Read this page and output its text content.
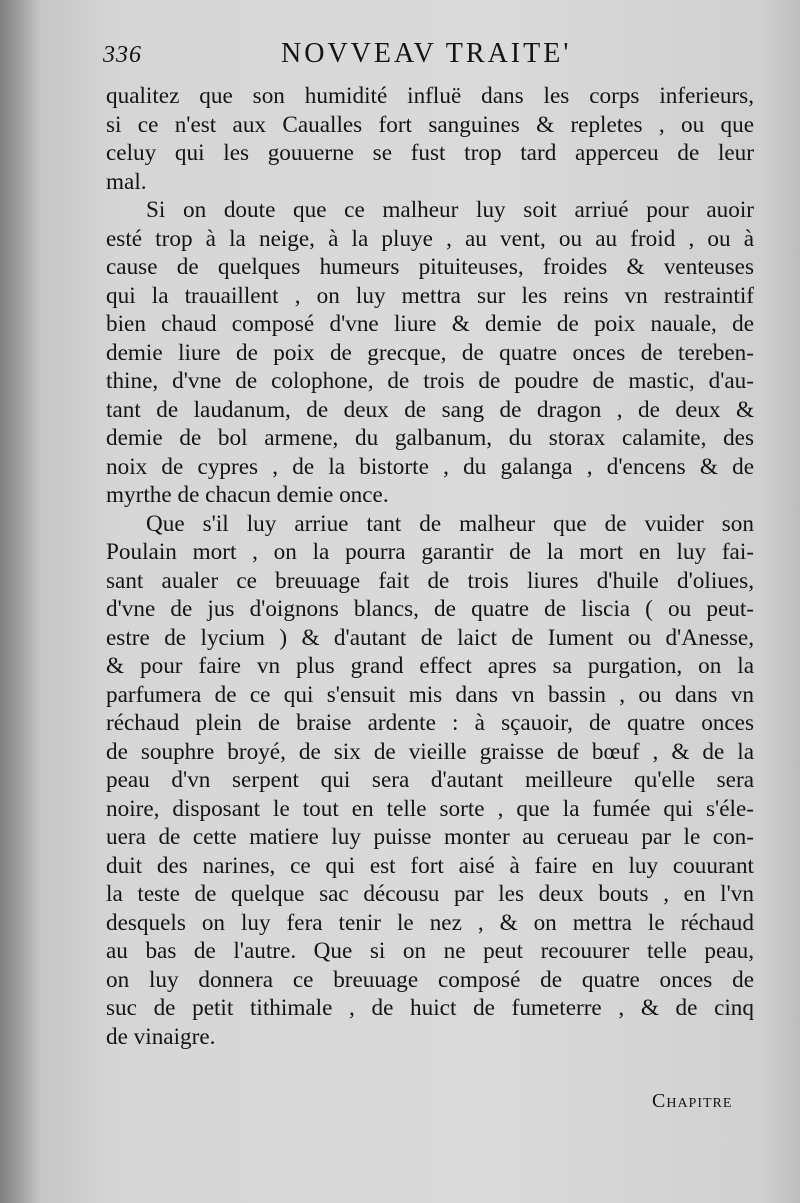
336	NOVVEAV TRAITE'
qualitez que son humidité influë dans les corps inferieurs,
si ce n'est aux Caualles fort sanguines & repletes , ou que
celuy qui les gouuerne se fust trop tard apperceu de leur
mal.
Si on doute que ce malheur luy soit arriué pour auoir
esté trop à la neige, à la pluye , au vent, ou au froid , ou à
cause de quelques humeurs pituiteuses, froides & venteuses
qui la trauaillent , on luy mettra sur les reins vn restraintif
bien chaud composé d'vne liure & demie de poix nauale, de
demie liure de poix de grecque, de quatre onces de tereben-
thine, d'vne de colophone, de trois de poudre de mastic, d'au-
tant de laudanum, de deux de sang de dragon , de deux &
demie de bol armene, du galbanum, du storax calamite, des
noix de cypres , de la bistorte , du galanga , d'encens & de
myrthe de chacun demie once.
Que s'il luy arriue tant de malheur que de vuider son
Poulain mort , on la pourra garantir de la mort en luy fai-
sant aualer ce breuuage fait de trois liures d'huile d'oliues,
d'vne de jus d'oignons blancs, de quatre de liscia ( ou peut-
estre de lycium ) & d'autant de laict de Iument ou d'Anesse,
& pour faire vn plus grand effect apres sa purgation, on la
parfumera de ce qui s'ensuit mis dans vn bassin , ou dans vn
réchaud plein de braise ardente : à sçauoir, de quatre onces
de souphre broyé, de six de vieille graisse de bœuf , & de la
peau d'vn serpent qui sera d'autant meilleure qu'elle sera
noire, disposant le tout en telle sorte , que la fumée qui s'éle-
uera de cette matiere luy puisse monter au cerueau par le con-
duit des narines, ce qui est fort aisé à faire en luy couurant
la teste de quelque sac décousu par les deux bouts , en l'vn
desquels on luy fera tenir le nez , & on mettra le réchaud
au bas de l'autre. Que si on ne peut recouurer telle peau,
on luy donnera ce breuuage composé de quatre onces de
suc de petit tithimale , de huict de fumeterre , & de cinq
de vinaigre.
Chapitre
